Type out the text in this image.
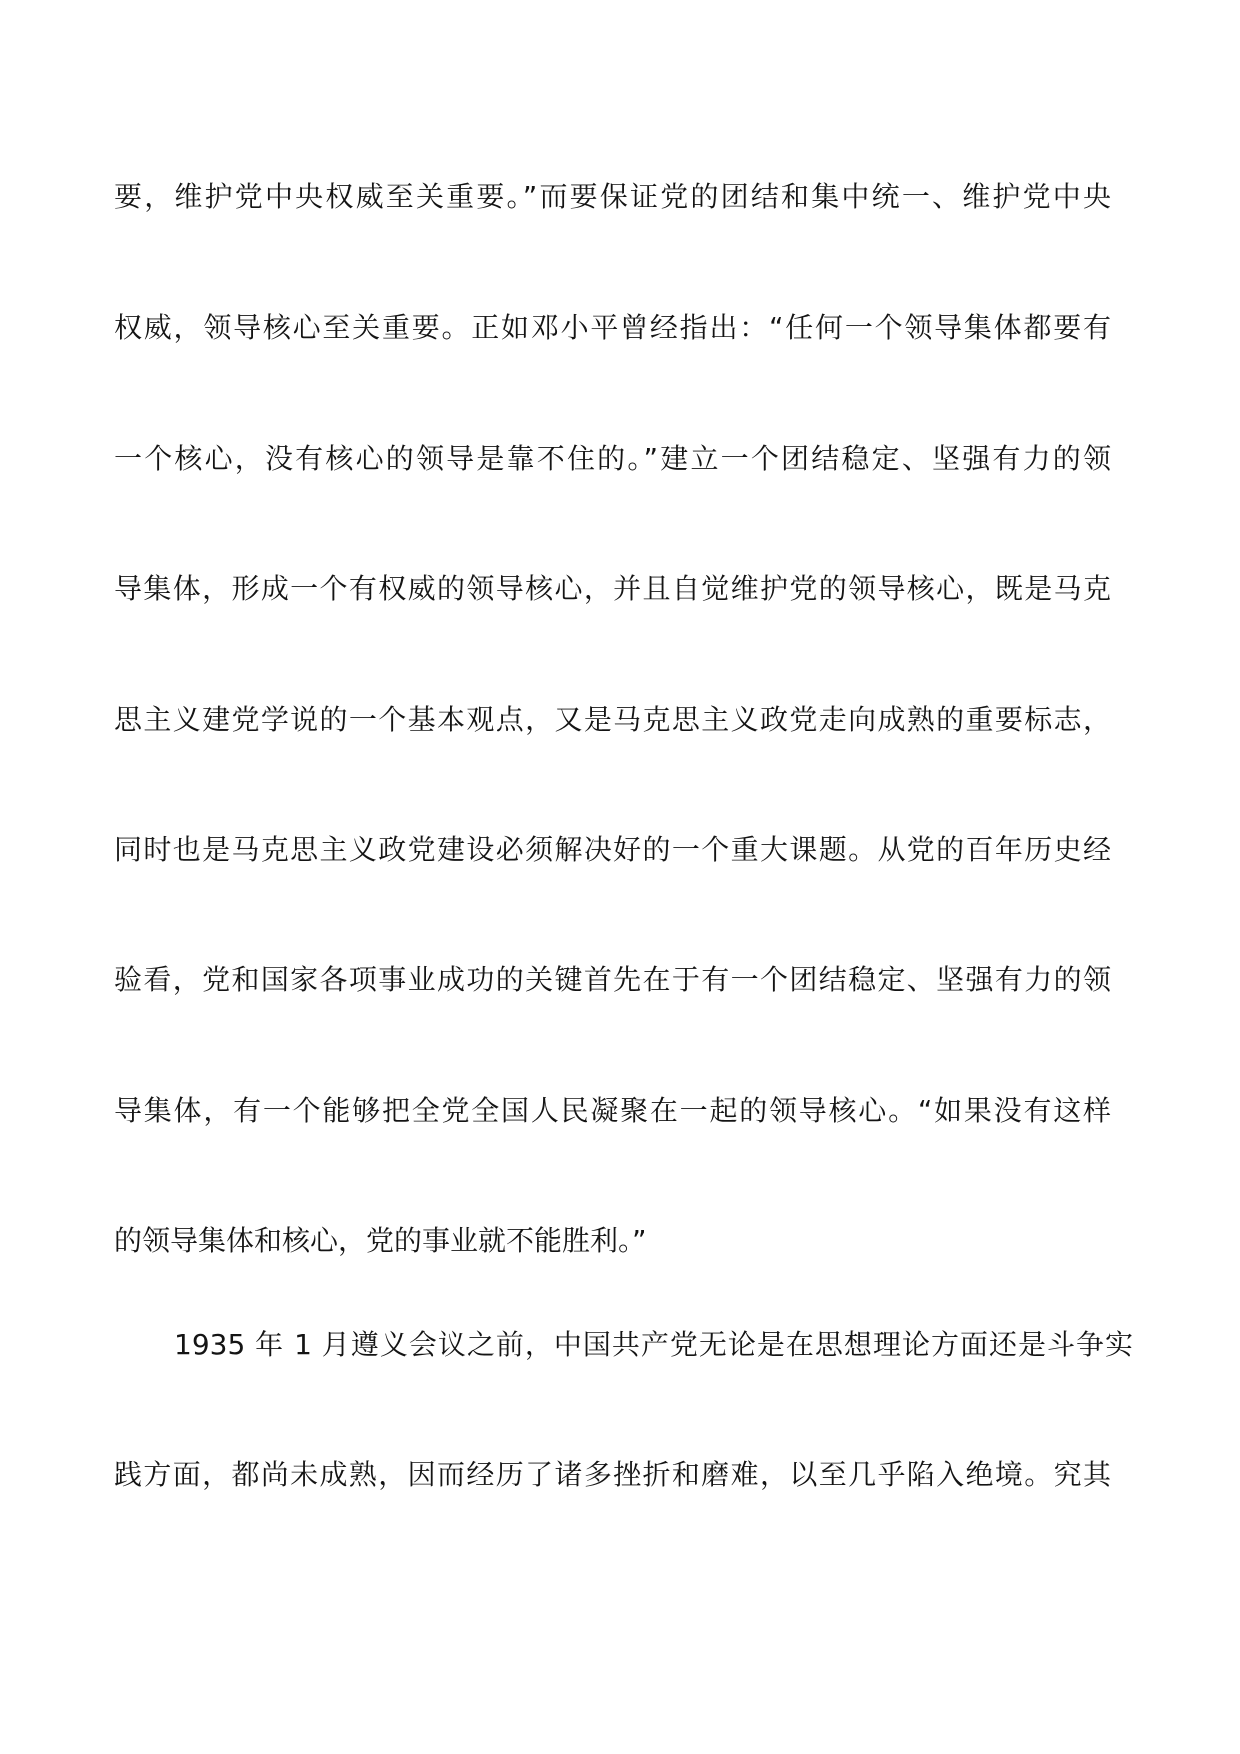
要，维护党中央权威至关重要。”而要保证党的团结和集中统一、维护党中央
权威，领导核心至关重要。正如邓小平曾经指出：“任何一个领导集体都要有
一个核心，没有核心的领导是靠不住的。”建立一个团结稳定、坚强有力的领
导集体，形成一个有权威的领导核心，并且自觉维护党的领导核心，既是马克
思主义建党学说的一个基本观点，又是马克思主义政党走向成熟的重要标志，
同时也是马克思主义政党建设必须解决好的一个重大课题。从党的百年历史经
验看，党和国家各项事业成功的关键首先在于有一个团结稳定、坚强有力的领
导集体，有一个能够把全党全国人民凝聚在一起的领导核心。“如果没有这样
的领导集体和核心，党的事业就不能胜利。”
1935 年 1 月遵义会议之前，中国共产党无论是在思想理论方面还是斗争实
践方面，都尚未成熟，因而经历了诸多挫折和磨难，以至几乎陷入绝境。究其
